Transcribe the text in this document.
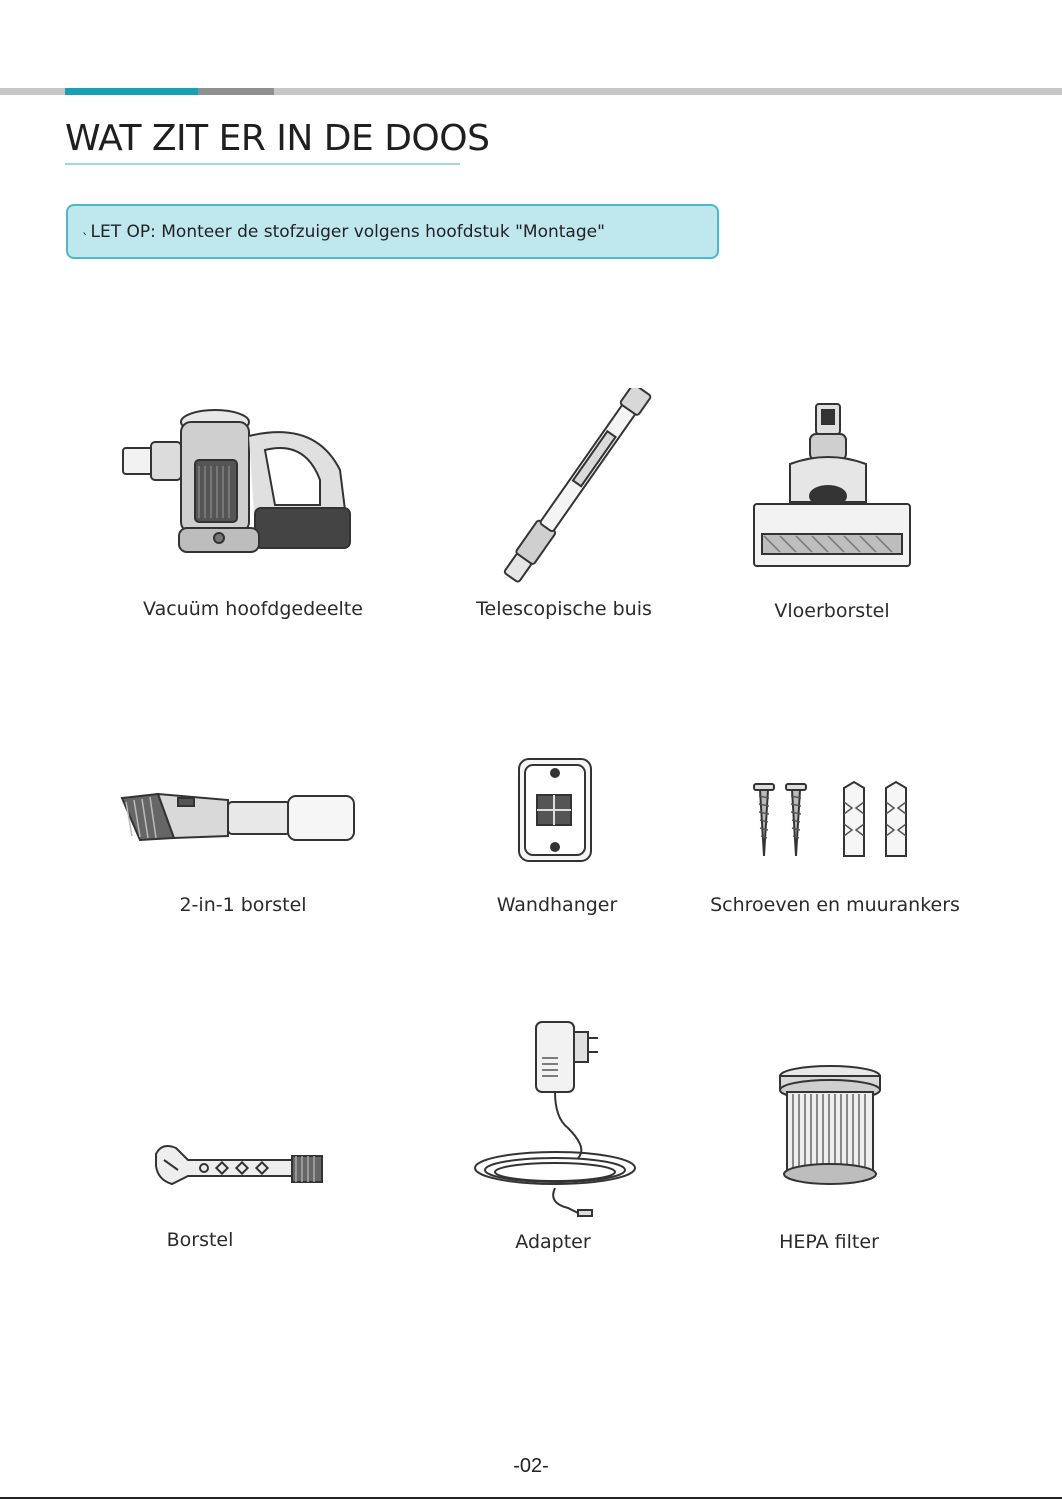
WAT ZIT ER IN DE DOOS
ˎ LET OP: Monteer de stofzuiger volgens hoofdstuk "Montage"
Vacuüm hoofdgedeelte	Telescopische buis	Vloerborstel
2-in-1 borstel	Wandhanger	Schroeven en muurankers
Borstel	Adapter	HEPA filter
-02-
